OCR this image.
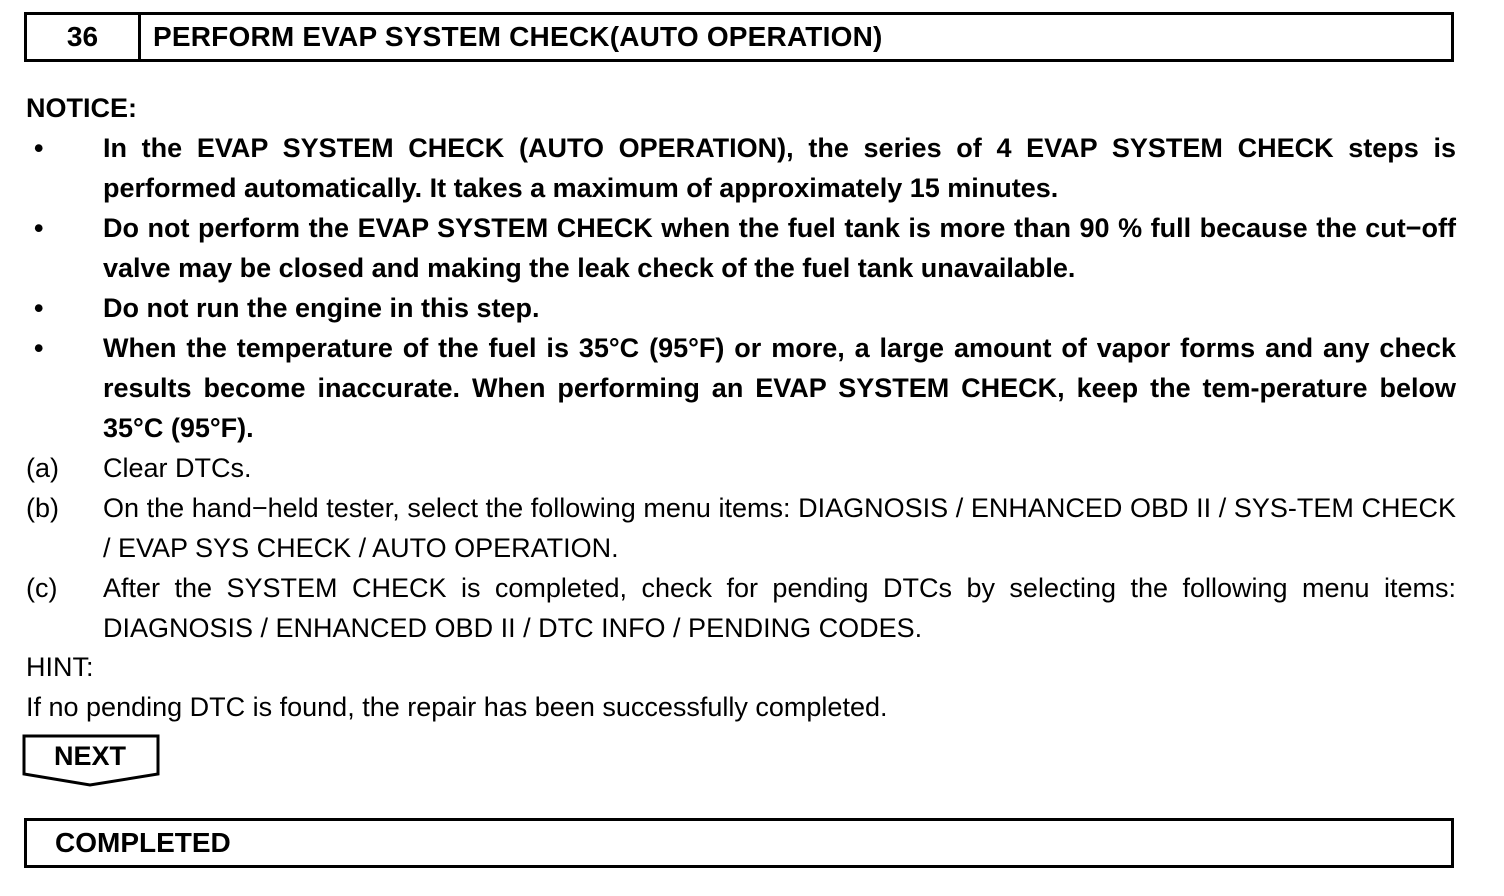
36	PERFORM EVAP SYSTEM CHECK(AUTO OPERATION)
NOTICE:
•	In the EVAP SYSTEM CHECK (AUTO OPERATION), the series of 4 EVAP SYSTEM CHECK steps is performed automatically. It takes a maximum of approximately 15 minutes.
•	Do not perform the EVAP SYSTEM CHECK when the fuel tank is more than 90 % full because the cut−off valve may be closed and making the leak check of the fuel tank unavailable.
•	Do not run the engine in this step.
•	When the temperature of the fuel is 35°C (95°F) or more, a large amount of vapor forms and any check results become inaccurate. When performing an EVAP SYSTEM CHECK, keep the tem-perature below 35°C (95°F).
(a)	Clear DTCs.
(b)	On the hand−held tester, select the following menu items: DIAGNOSIS / ENHANCED OBD II / SYS-TEM CHECK / EVAP SYS CHECK / AUTO OPERATION.
(c)	After the SYSTEM CHECK is completed, check for pending DTCs by selecting the following menu items: DIAGNOSIS / ENHANCED OBD II / DTC INFO / PENDING CODES.
HINT:
If no pending DTC is found, the repair has been successfully completed.
NEXT
COMPLETED
